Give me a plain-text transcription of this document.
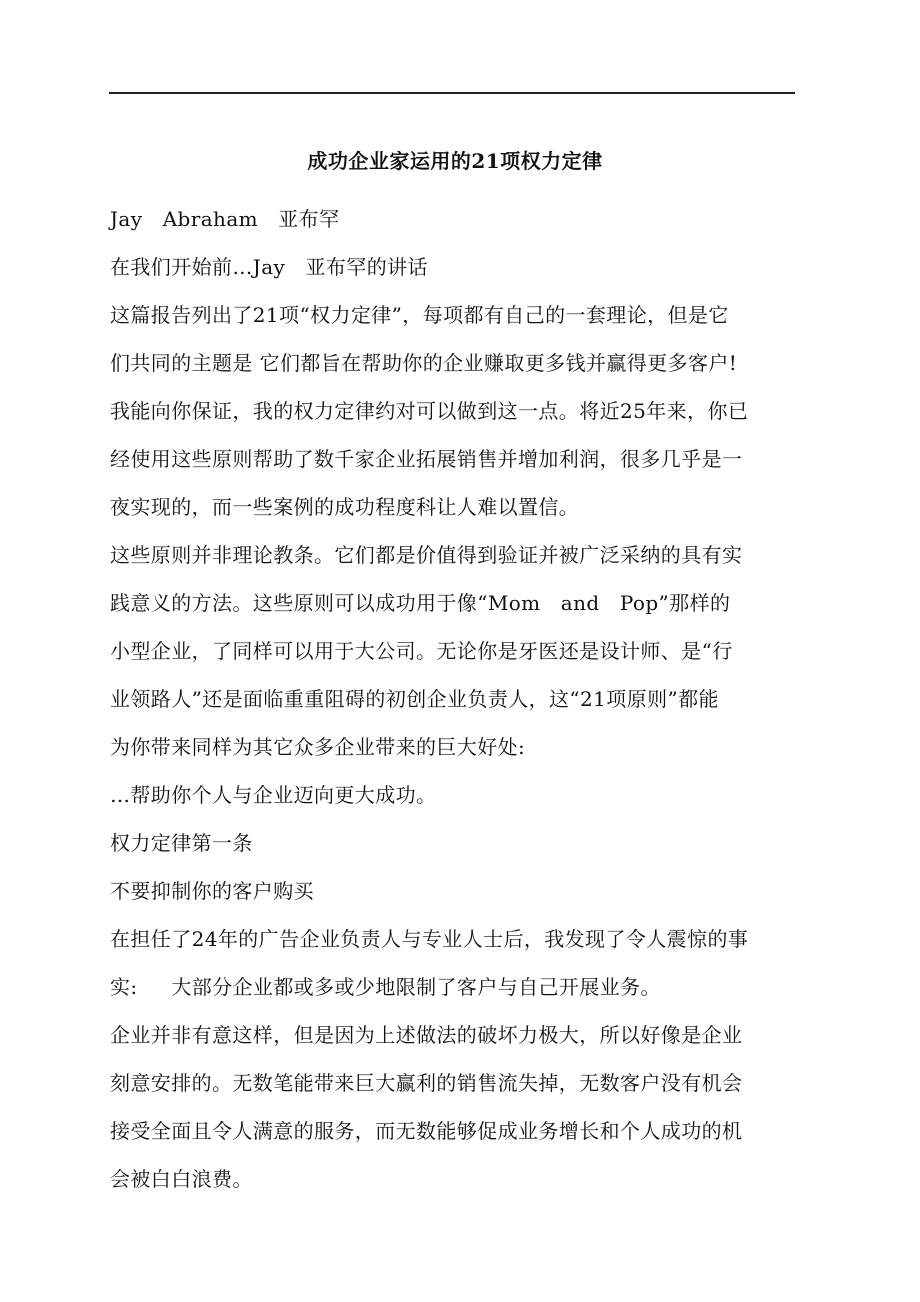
成功企业家运用的21项权力定律
Jay   Abraham   亚布罕
在我们开始前…Jay   亚布罕的讲话
这篇报告列出了21项“权力定律”，每项都有自己的一套理论，但是它
们共同的主题是 它们都旨在帮助你的企业赚取更多钱并赢得更多客户!
我能向你保证，我的权力定律约对可以做到这一点。将近25年来，你已
经使用这些原则帮助了数千家企业拓展销售并增加利润，很多几乎是一
夜实现的，而一些案例的成功程度科让人难以置信。
这些原则并非理论教条。它们都是价值得到验证并被广泛采纳的具有实
践意义的方法。这些原则可以成功用于像“Mom   and   Pop”那样的
小型企业，了同样可以用于大公司。无论你是牙医还是设计师、是“行
业领路人”还是面临重重阻碍的初创企业负责人，这“21项原则”都能
为你带来同样为其它众多企业带来的巨大好处:
…帮助你个人与企业迈向更大成功。
权力定律第一条
不要抑制你的客户购买
在担任了24年的广告企业负责人与专业人士后，我发现了令人震惊的事
实:     大部分企业都或多或少地限制了客户与自己开展业务。
企业并非有意这样，但是因为上述做法的破坏力极大，所以好像是企业
刻意安排的。无数笔能带来巨大赢利的销售流失掉，无数客户没有机会
接受全面且令人满意的服务，而无数能够促成业务增长和个人成功的机
会被白白浪费。
